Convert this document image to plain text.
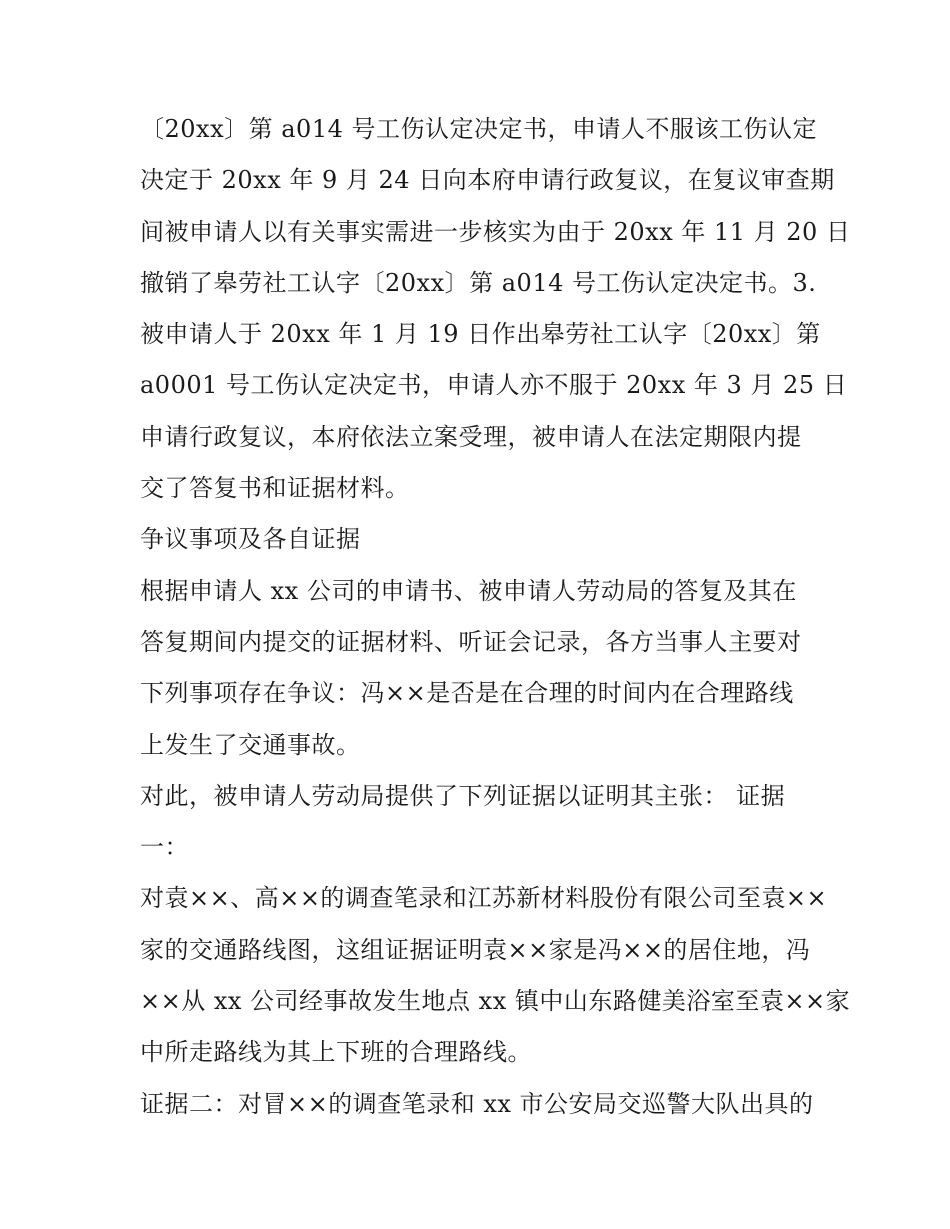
〔20xx〕第 a014 号工伤认定决定书，申请人不服该工伤认定
决定于 20xx 年 9 月 24 日向本府申请行政复议，在复议审查期
间被申请人以有关事实需进一步核实为由于 20xx 年 11 月 20 日
撤销了皋劳社工认字〔20xx〕第 a014 号工伤认定决定书。3.
被申请人于 20xx 年 1 月 19 日作出皋劳社工认字〔20xx〕第
a0001 号工伤认定决定书，申请人亦不服于 20xx 年 3 月 25 日
申请行政复议，本府依法立案受理，被申请人在法定期限内提
交了答复书和证据材料。
争议事项及各自证据
根据申请人 xx 公司的申请书、被申请人劳动局的答复及其在
答复期间内提交的证据材料、听证会记录，各方当事人主要对
下列事项存在争议：冯××是否是在合理的时间内在合理路线
上发生了交通事故。
对此，被申请人劳动局提供了下列证据以证明其主张： 证据
一：
对袁××、高××的调查笔录和江苏新材料股份有限公司至袁××
家的交通路线图，这组证据证明袁××家是冯××的居住地，冯
××从 xx 公司经事故发生地点 xx 镇中山东路健美浴室至袁××家
中所走路线为其上下班的合理路线。
证据二：对冒××的调查笔录和 xx 市公安局交巡警大队出具的
